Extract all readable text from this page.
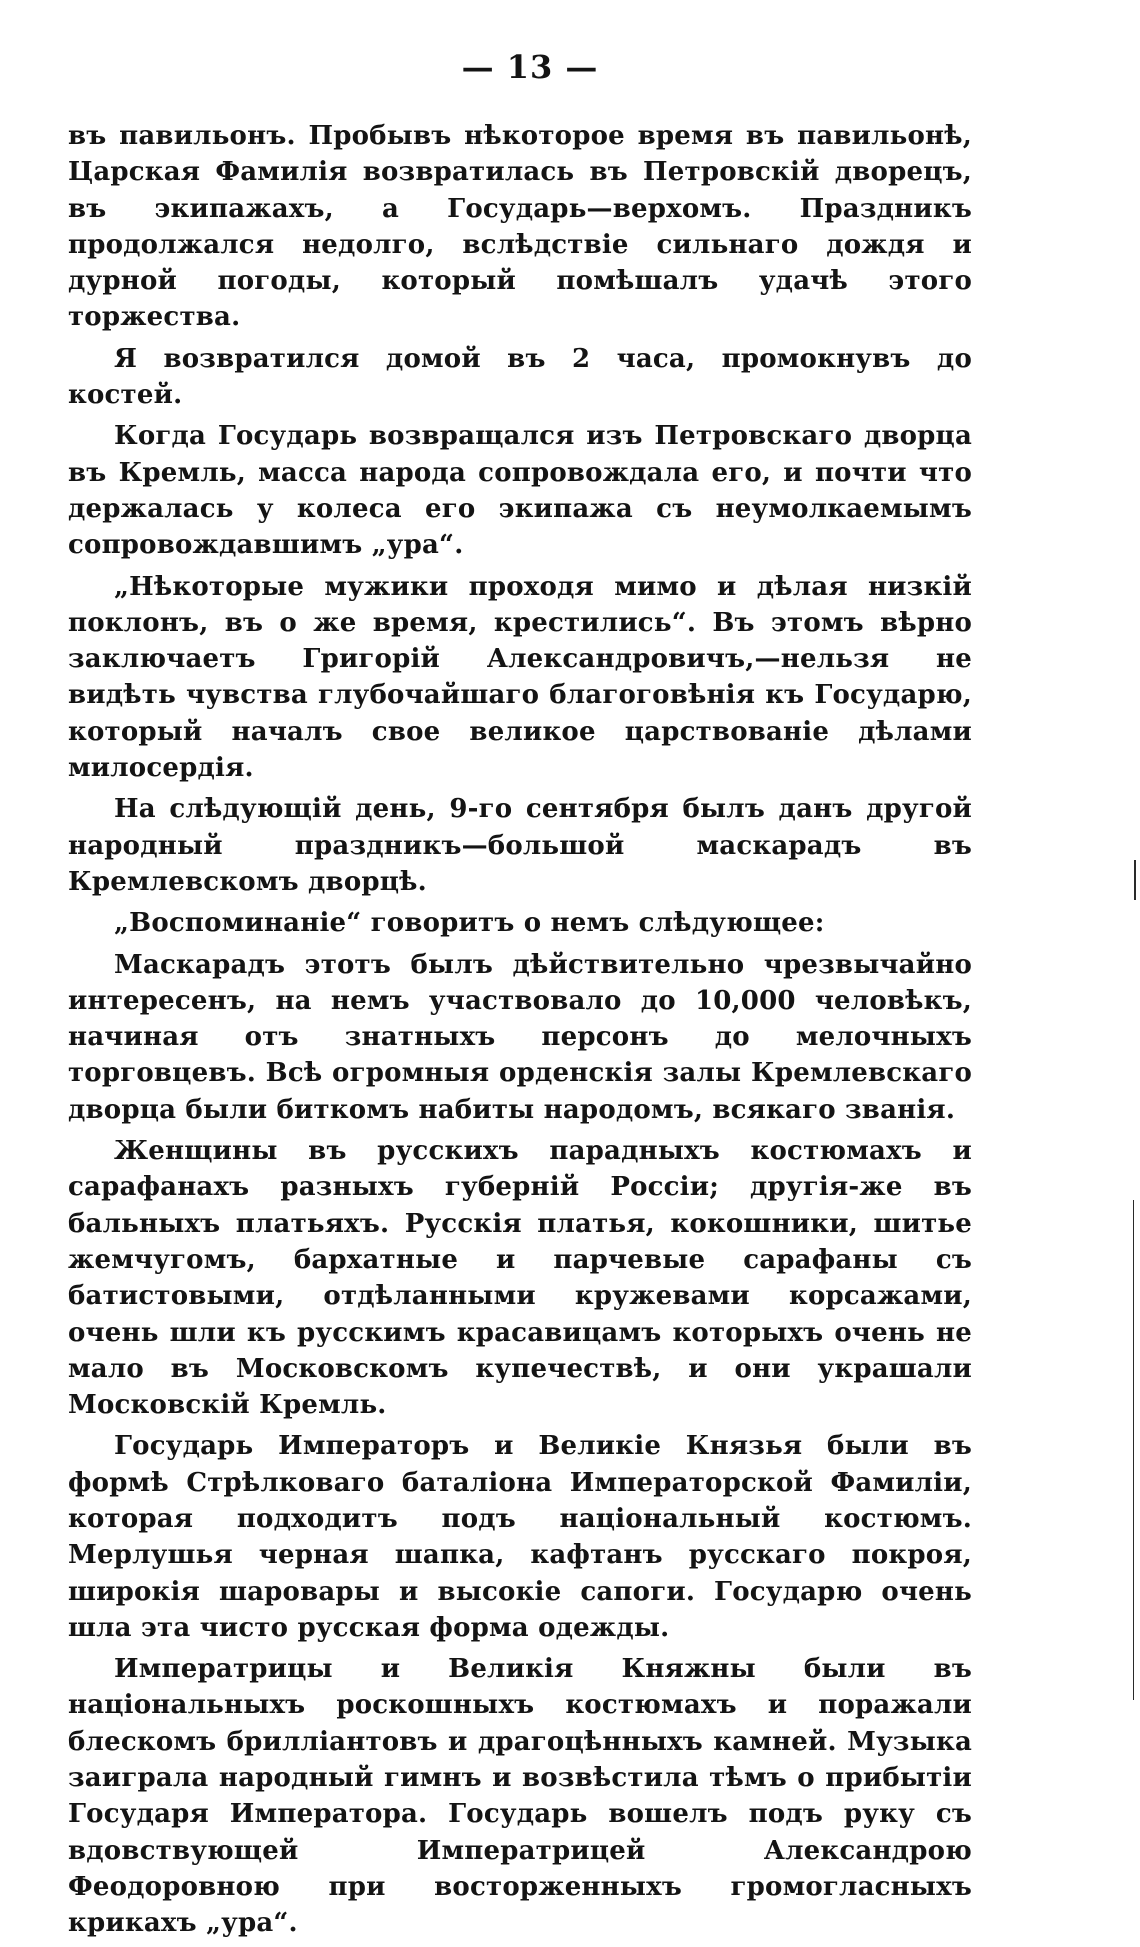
— 13 —

въ павильонъ. Пробывъ нѣкоторое время въ павильонѣ, Царская Фамилія возвратилась въ Петровскій дворецъ, въ экипажахъ, а Государь—верхомъ. Праздникъ продолжался недолго, вслѣдствіе сильнаго дождя и дурной погоды, который помѣшалъ удачѣ этого торжества.

Я возвратился домой въ 2 часа, промокнувъ до костей.

Когда Государь возвращался изъ Петровскаго дворца въ Кремль, масса народа сопровождала его, и почти что держалась у колеса его экипажа съ неумолкаемымъ сопровождавшимъ „ура“.

„Нѣкоторые мужики проходя мимо и дѣлая низкій поклонъ, въ о же время, крестились“. Въ этомъ вѣрно заключаетъ Григорій Александровичъ,—нельзя не видѣть чувства глубочайшаго благоговѣнія къ Государю, который началъ свое великое царствованіе дѣлами милосердія.

На слѣдующій день, 9-го сентября былъ данъ другой народный праздникъ—большой маскарадъ въ Кремлевскомъ дворцѣ.

„Воспоминаніе“ говоритъ о немъ слѣдующее:

Маскарадъ этотъ былъ дѣйствительно чрезвычайно интересенъ, на немъ участвовало до 10,000 человѣкъ, начиная отъ знатныхъ персонъ до мелочныхъ торговцевъ. Всѣ огромныя орденскія залы Кремлевскаго дворца были биткомъ набиты народомъ, всякаго званія.

Женщины въ русскихъ парадныхъ костюмахъ и сарафанахъ разныхъ губерній Россіи; другія-же въ бальныхъ платьяхъ. Русскія платья, кокошники, шитье жемчугомъ, бархатные и парчевые сарафаны съ батистовыми, отдѣланными кружевами корсажами, очень шли къ русскимъ красавицамъ которыхъ очень не мало въ Московскомъ купечествѣ, и они украшали Московскій Кремль.

Государь Императоръ и Великіе Князья были въ формѣ Стрѣлковаго баталіона Императорской Фамиліи, которая подходитъ подъ національный костюмъ. Мерлушья черная шапка, кафтанъ русскаго покроя, широкія шаровары и высокіе сапоги. Государю очень шла эта чисто русская форма одежды.

Императрицы и Великія Княжны были въ національныхъ роскошныхъ костюмахъ и поражали блескомъ брилліантовъ и драгоцѣнныхъ камней. Музыка заиграла народный гимнъ и возвѣстила тѣмъ о прибытіи Государя Императора. Государь вошелъ подъ руку съ вдовствующей Императрицей Александрою Феодоровною при восторженныхъ громогласныхъ крикахъ „ура“.
